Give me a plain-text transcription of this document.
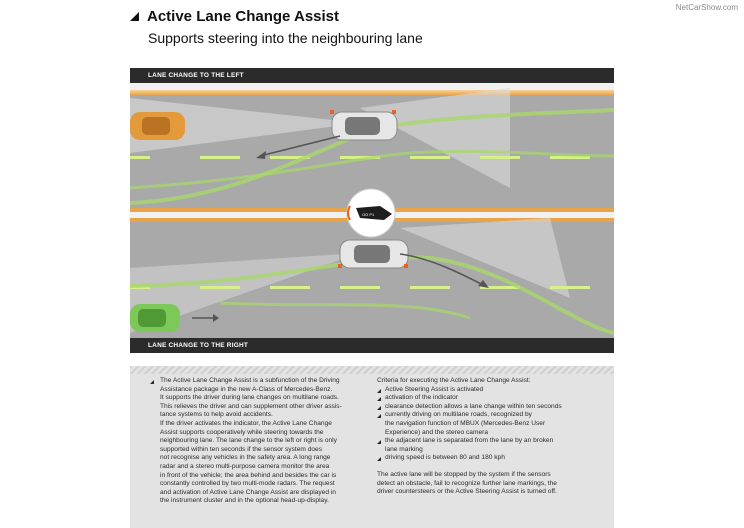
NetCarShow.com
Active Lane Change Assist
Supports steering into the neighbouring lane
GO P1
LANE CHANGE TO THE LEFT
LANE CHANGE TO THE RIGHT
The Active Lane Change Assist is a subfunction of the Driving
Assistance package in the new A-Class of Mercedes-Benz.
It supports the driver during lane changes on multilane roads.
This relieves the driver and can supplement other driver assis-
tance systems to help avoid accidents.
If the driver activates the indicator, the Active Lane Change
Assist supports cooperatively while steering towards the
neighbouring lane. The lane change to the left or right is only
supported within ten seconds if the sensor system does
not recognise any vehicles in the safety area. A long range
radar and a stereo multi-purpose camera monitor the area
in front of the vehicle; the area behind and besides the car is
constantly controlled by two multi-mode radars. The request
and activation of Active Lane Change Assist are displayed in
the instrument cluster and in the optional head-up-display.
Criteria for executing the Active Lane Change Assist:
Active Steering Assist is activated
activation of the indicator
clearance detection allows a lane change within ten seconds
currently driving on multilane roads, recognized by
the navigation function of MBUX (Mercedes-Benz User
Experience) and the stereo camera
the adjacent lane is separated from the lane by an broken
lane marking
driving speed is between 80 and 180 kph
The active lane will be stopped by the system if the sensors
detect an obstacle, fail to recognize further lane markings, the
driver countersteers or the Active Steering Assist is turned off.
